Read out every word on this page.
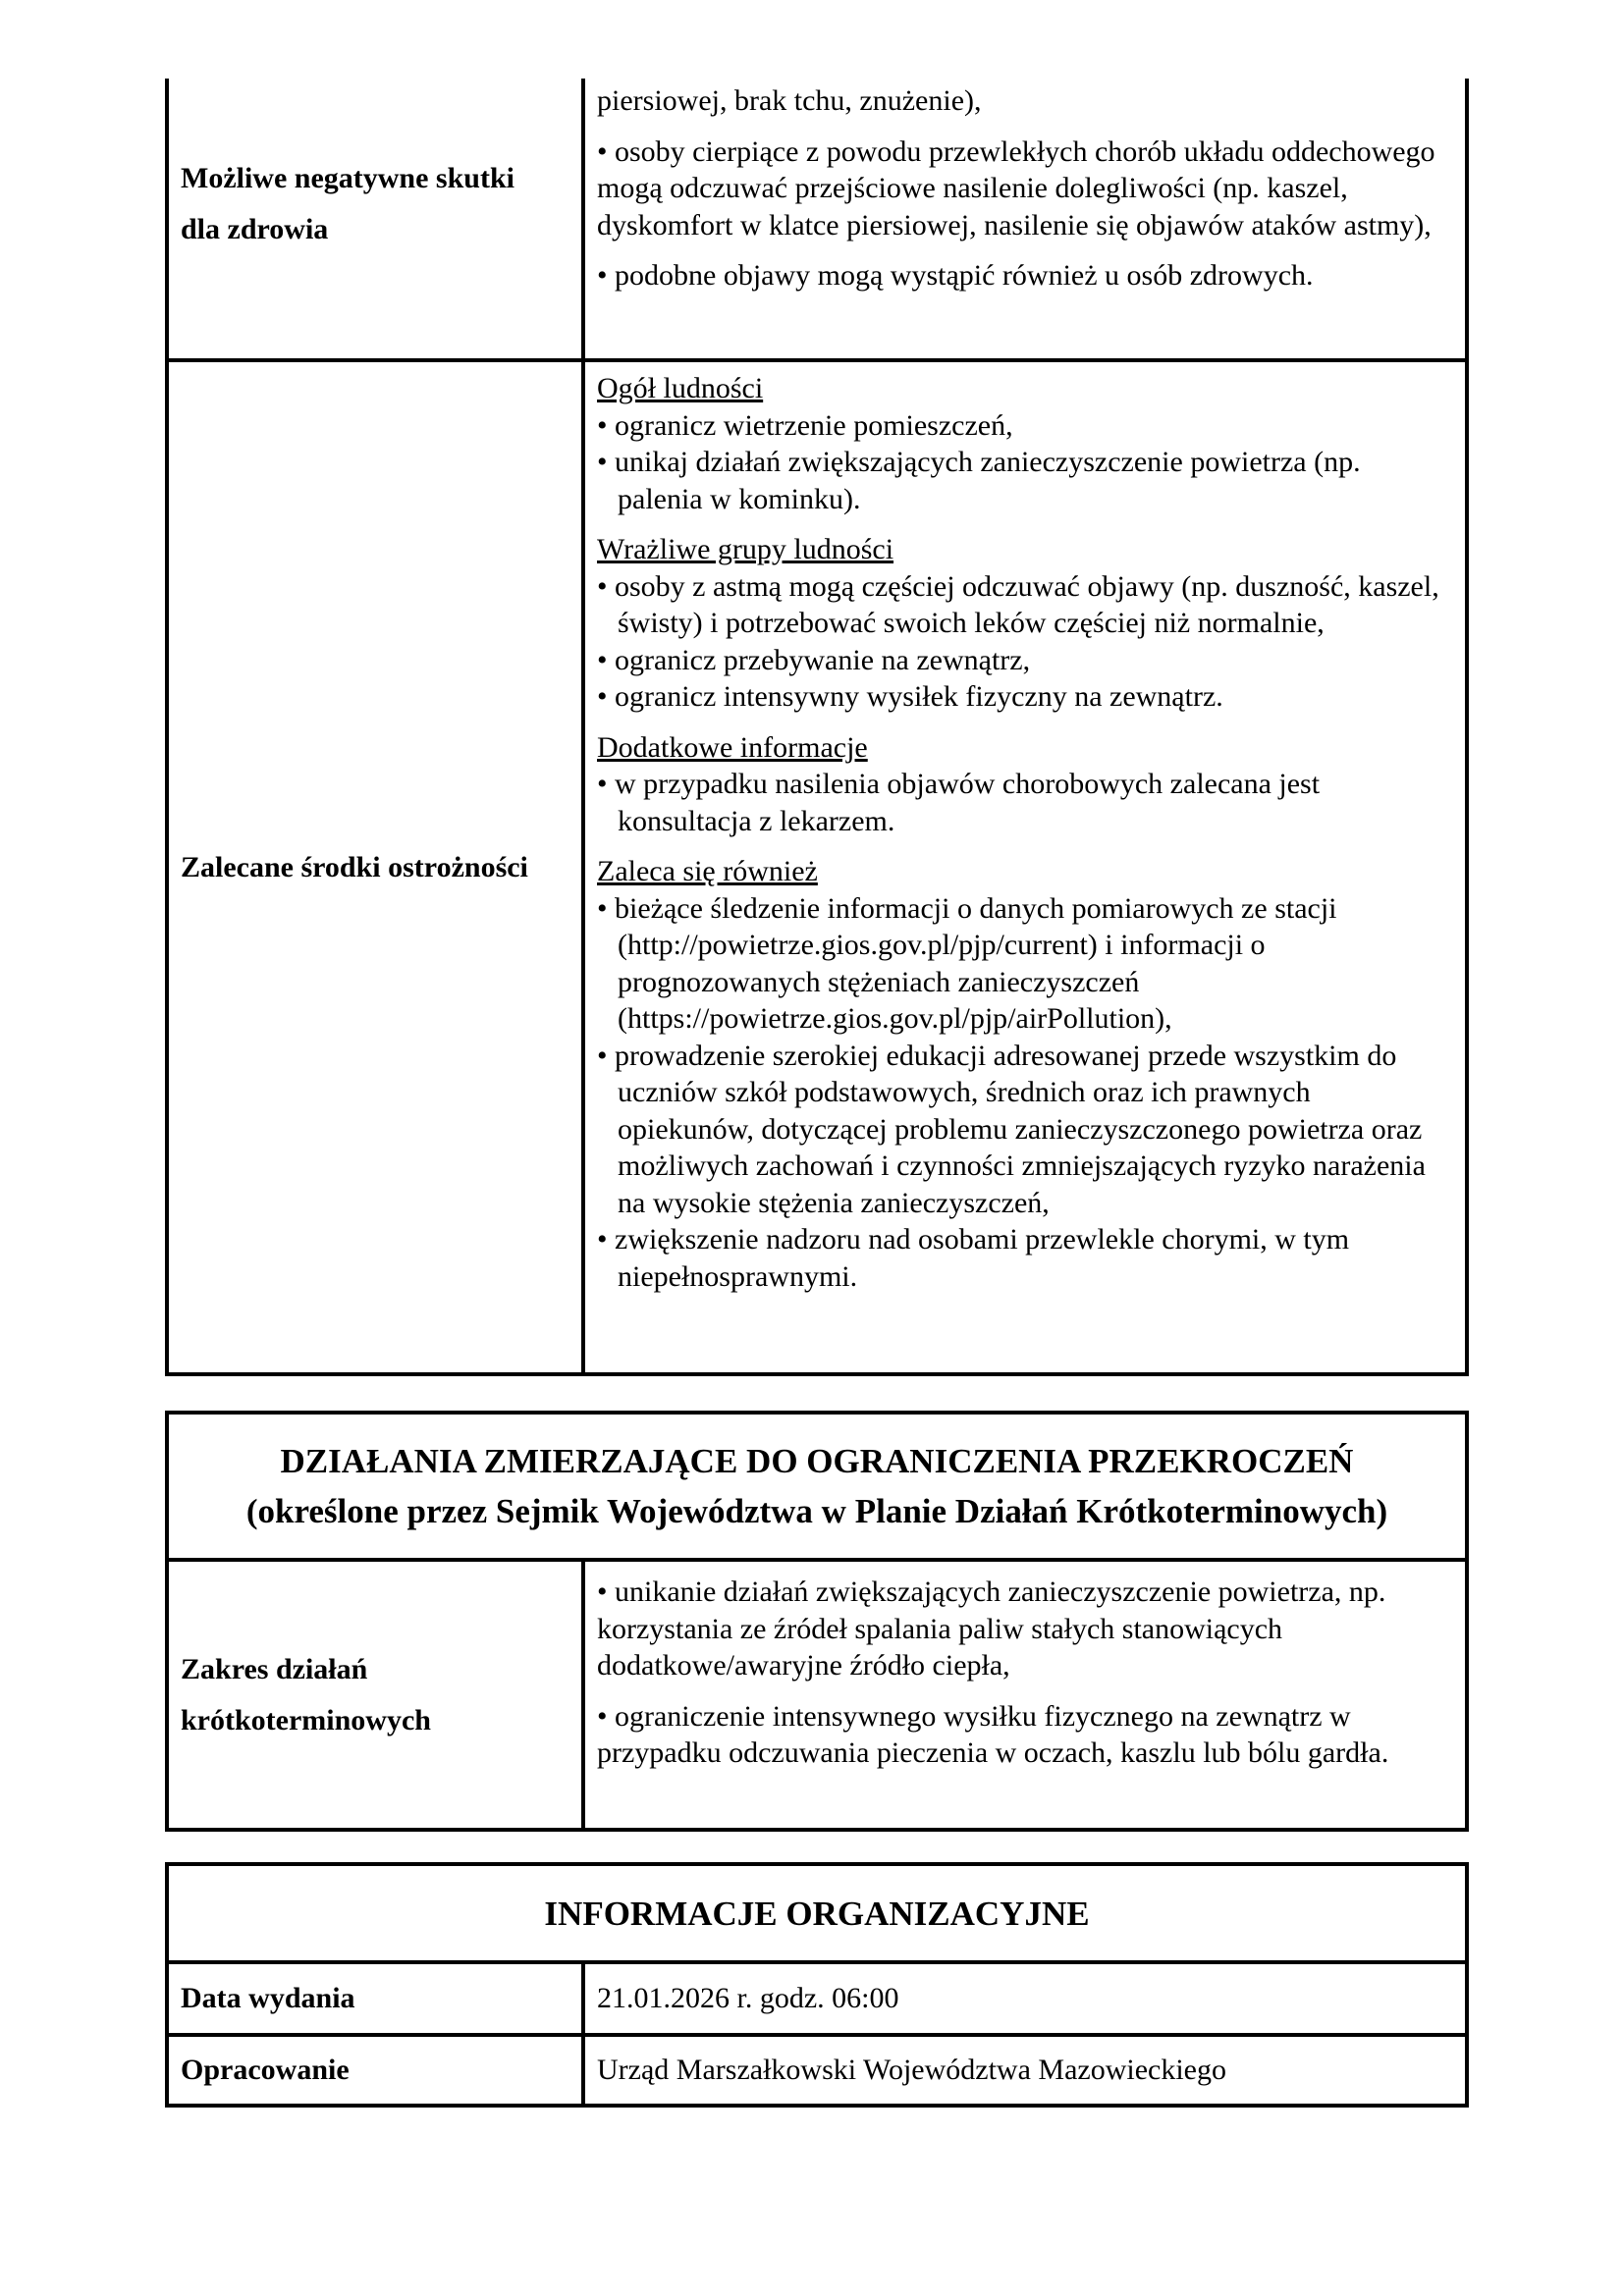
Możliwe negatywne skutki dla zdrowia

piersiowej, brak tchu, znużenie),

• osoby cierpiące z powodu przewlekłych chorób układu oddechowego mogą odczuwać przejściowe nasilenie dolegliwości (np. kaszel, dyskomfort w klatce piersiowej, nasilenie się objawów ataków astmy),

• podobne objawy mogą wystąpić również u osób zdrowych.

Zalecane środki ostrożności

Ogół ludności

• ogranicz wietrzenie pomieszczeń,

• unikaj działań zwiększających zanieczyszczenie powietrza (np. palenia w kominku).

Wrażliwe grupy ludności

• osoby z astmą mogą częściej odczuwać objawy (np. duszność, kaszel, świsty) i potrzebować swoich leków częściej niż normalnie,

• ogranicz przebywanie na zewnątrz,

• ogranicz intensywny wysiłek fizyczny na zewnątrz.

Dodatkowe informacje

• w przypadku nasilenia objawów chorobowych zalecana jest konsultacja z lekarzem.

Zaleca się również

• bieżące śledzenie informacji o danych pomiarowych ze stacji (http://powietrze.gios.gov.pl/pjp/current) i informacji o prognozowanych stężeniach zanieczyszczeń (https://powietrze.gios.gov.pl/pjp/airPollution),

• prowadzenie szerokiej edukacji adresowanej przede wszystkim do uczniów szkół podstawowych, średnich oraz ich prawnych opiekunów, dotyczącej problemu zanieczyszczonego powietrza oraz możliwych zachowań i czynności zmniejszających ryzyko narażenia na wysokie stężenia zanieczyszczeń,

• zwiększenie nadzoru nad osobami przewlekle chorymi, w tym niepełnosprawnymi.

DZIAŁANIA ZMIERZAJĄCE DO OGRANICZENIA PRZEKROCZEŃ
(określone przez Sejmik Województwa w Planie Działań Krótkoterminowych)
Zakres działań krótkoterminowych

• unikanie działań zwiększających zanieczyszczenie powietrza, np. korzystania ze źródeł spalania paliw stałych stanowiących dodatkowe/awaryjne źródło ciepła,

• ograniczenie intensywnego wysiłku fizycznego na zewnątrz w przypadku odczuwania pieczenia w oczach, kaszlu lub bólu gardła.

INFORMACJE ORGANIZACYJNE
Data wydania	21.01.2026 r. godz. 06:00
Opracowanie	Urząd Marszałkowski Województwa Mazowieckiego
